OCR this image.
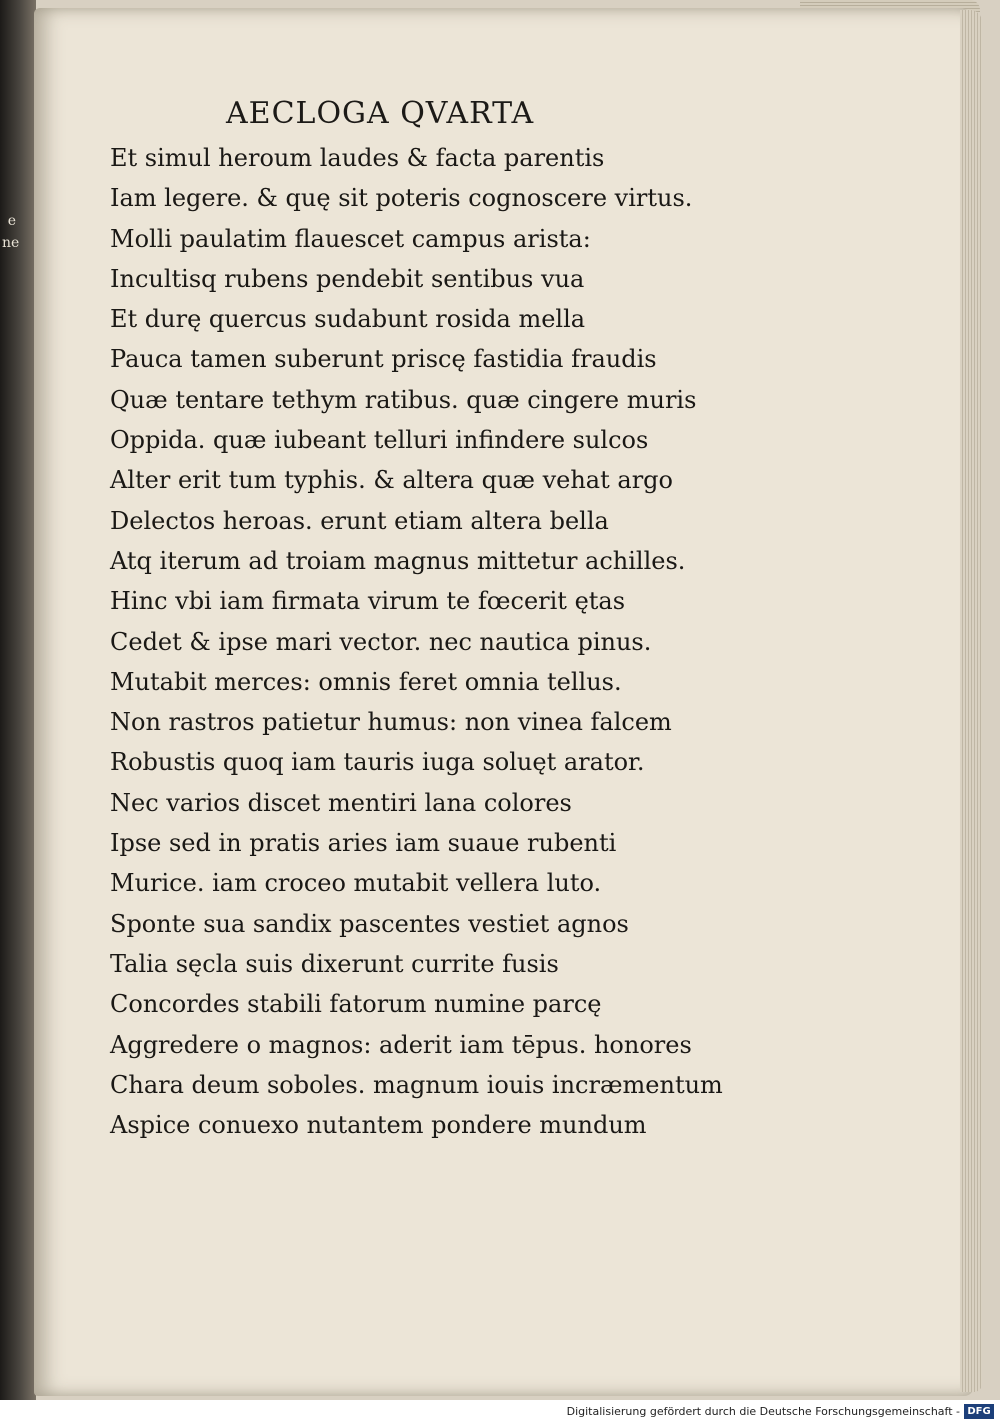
e
ne
AECLOGA QVARTA
Et simul heroum laudes & facta parentis
Iam legere. & quę sit poteris cognoscere virtus.
Molli paulatim flauescet campus arista:
Incultisq rubens pendebit sentibus vua
Et durę quercus sudabunt rosida mella
Pauca tamen suberunt priscę fastidia fraudis
Quæ tentare tethym ratibus. quæ cingere muris
Oppida. quæ iubeant telluri infindere sulcos
Alter erit tum typhis. & altera quæ vehat argo
Delectos heroas. erunt etiam altera bella
Atq iterum ad troiam magnus mittetur achilles.
Hinc vbi iam firmata virum te fœcerit ętas
Cedet & ipse mari vector. nec nautica pinus.
Mutabit merces: omnis feret omnia tellus.
Non rastros patietur humus: non vinea falcem
Robustis quoq iam tauris iuga soluęt arator.
Nec varios discet mentiri lana colores
Ipse sed in pratis aries iam suaue rubenti
Murice. iam croceo mutabit vellera luto.
Sponte sua sandix pascentes vestiet agnos
Talia sęcla suis dixerunt currite fusis
Concordes stabili fatorum numine parcę
Aggredere o magnos: aderit iam tēpus. honores
Chara deum soboles. magnum iouis incræmentum
Aspice conuexo nutantem pondere mundum
Digitalisierung gefördert durch die Deutsche Forschungsgemeinschaft - DFG
